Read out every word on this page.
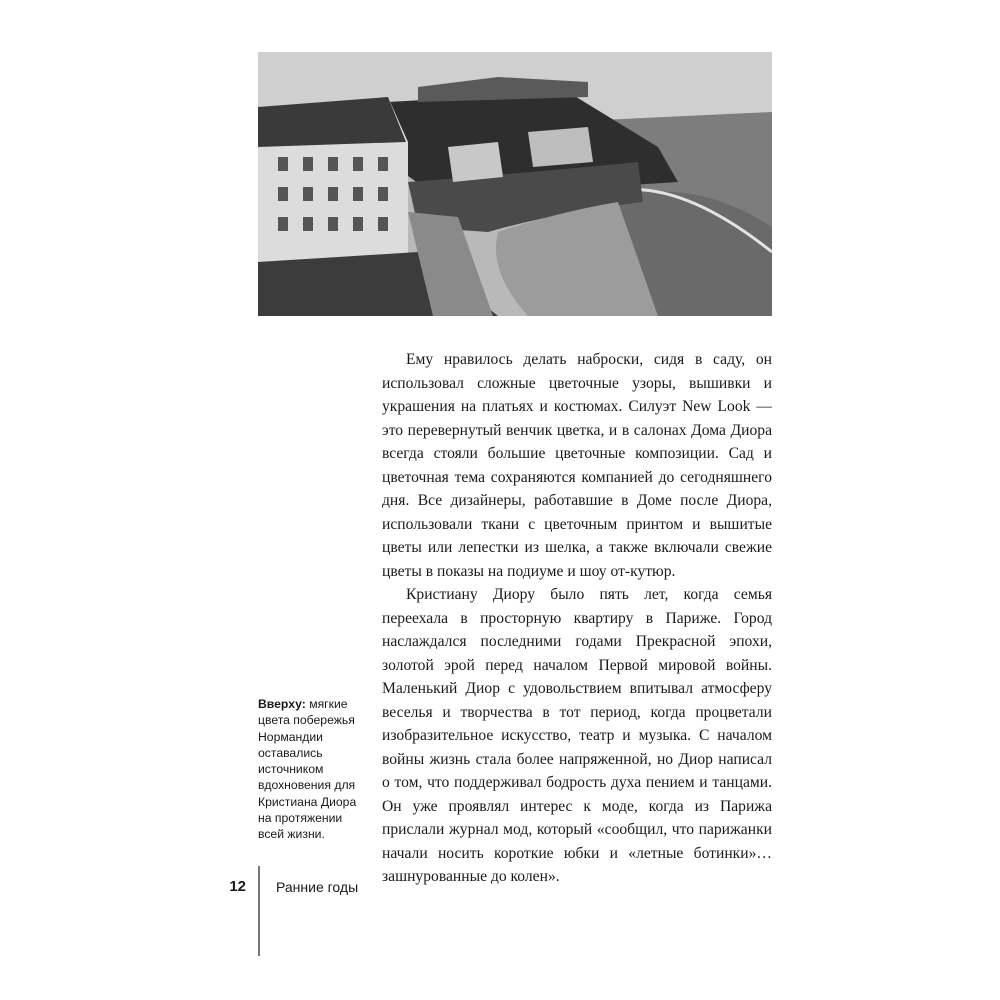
Ему нравилось делать наброски, сидя в саду, он использовал сложные цветочные узоры, вышивки и украшения на платьях и костюмах. Силуэт New Look — это перевернутый венчик цветка, и в салонах Дома Диора всегда стояли большие цветочные композиции. Сад и цветочная тема сохраняются компанией до сегодняшнего дня. Все дизайнеры, работавшие в Доме после Диора, использовали ткани с цветочным принтом и вышитые цветы или лепестки из шелка, а также включали свежие цветы в показы на подиуме и шоу от-кутюр.

Кристиану Диору было пять лет, когда семья переехала в просторную квартиру в Париже. Город наслаждался последними годами Прекрасной эпохи, золотой эрой перед началом Первой мировой войны. Маленький Диор с удовольствием впитывал атмосферу веселья и творчества в тот период, когда процветали изобразительное искусство, театр и музыка. С началом войны жизнь стала более напряженной, но Диор написал о том, что поддерживал бодрость духа пением и танцами. Он уже проявлял интерес к моде, когда из Парижа прислали журнал мод, который «сообщил, что парижанки начали носить короткие юбки и «летные ботинки»… зашнурованные до колен».

Вверху: мягкие цвета побережья Нормандии оставались источником вдохновения для Кристиана Диора на протяжении всей жизни.
12 Ранние годы
